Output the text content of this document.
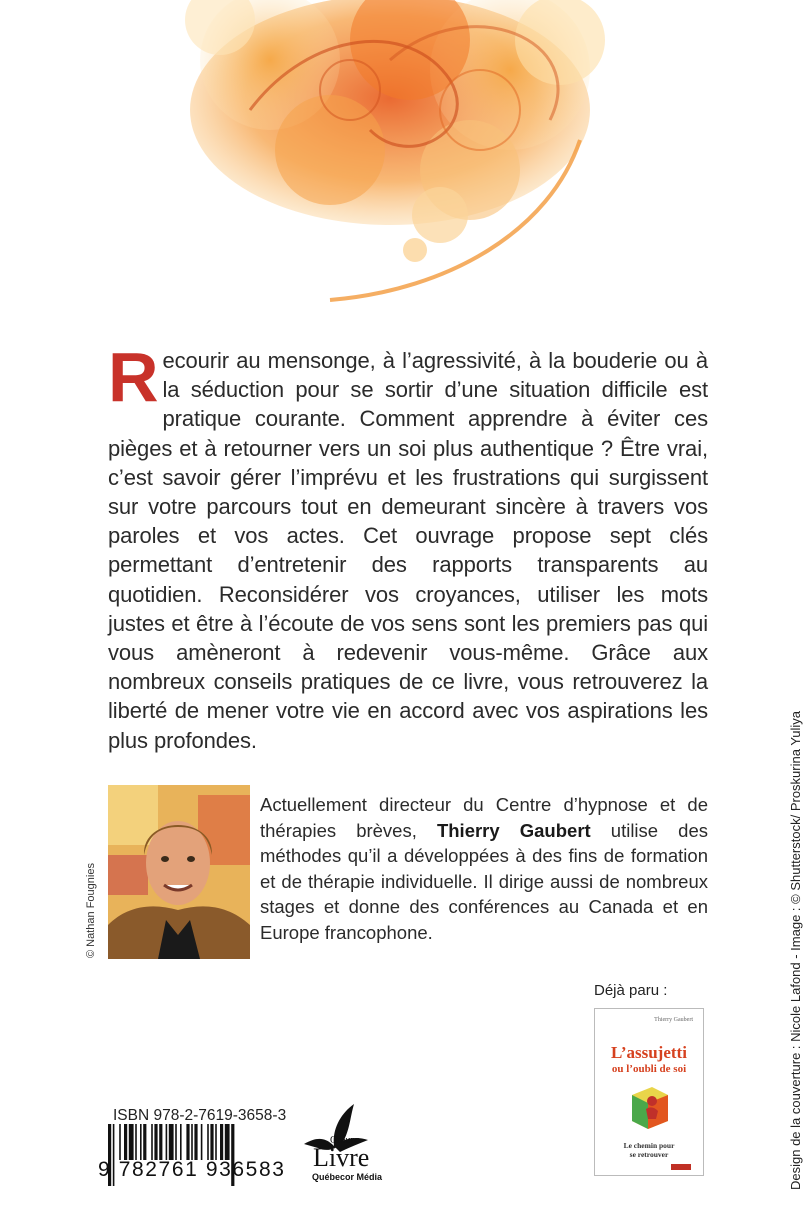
Recourir au mensonge, à l’agressivité, à la bouderie ou à la séduction pour se sortir d’une situation difficile est pratique courante. Comment apprendre à éviter ces pièges et à retourner vers un soi plus authentique ? Être vrai, c’est savoir gérer l’imprévu et les frustrations qui surgissent sur votre parcours tout en demeurant sincère à travers vos paroles et vos actes. Cet ouvrage propose sept clés permettant d’entretenir des rapports transparents au quotidien. Reconsidérer vos croyances, utiliser les mots justes et être à l’écoute de vos sens sont les premiers pas qui vous amèneront à redevenir vous-même. Grâce aux nombreux conseils pratiques de ce livre, vous retrouverez la liberté de mener votre vie en accord avec vos aspirations les plus profondes.
© Nathan Fougnies
Actuellement directeur du Centre d’hypnose et de thérapies brèves, Thierry Gaubert utilise des méthodes qu’il a développées à des fins de formation et de thérapie individuelle. Il dirige aussi de nombreux stages et donne des conférences au Canada et en Europe francophone.
Déjà paru :
Thierry Gaubert
L’assujetti
ou l’oubli de soi
Le chemin pour
se retrouver
ISBN 978-2-7619-3658-3
9 782761 936583
Groupe
Livre
Québecor Média	Design de la couverture : Nicole Lafond - Image : © Shutterstock/ Proskurina Yuliya
